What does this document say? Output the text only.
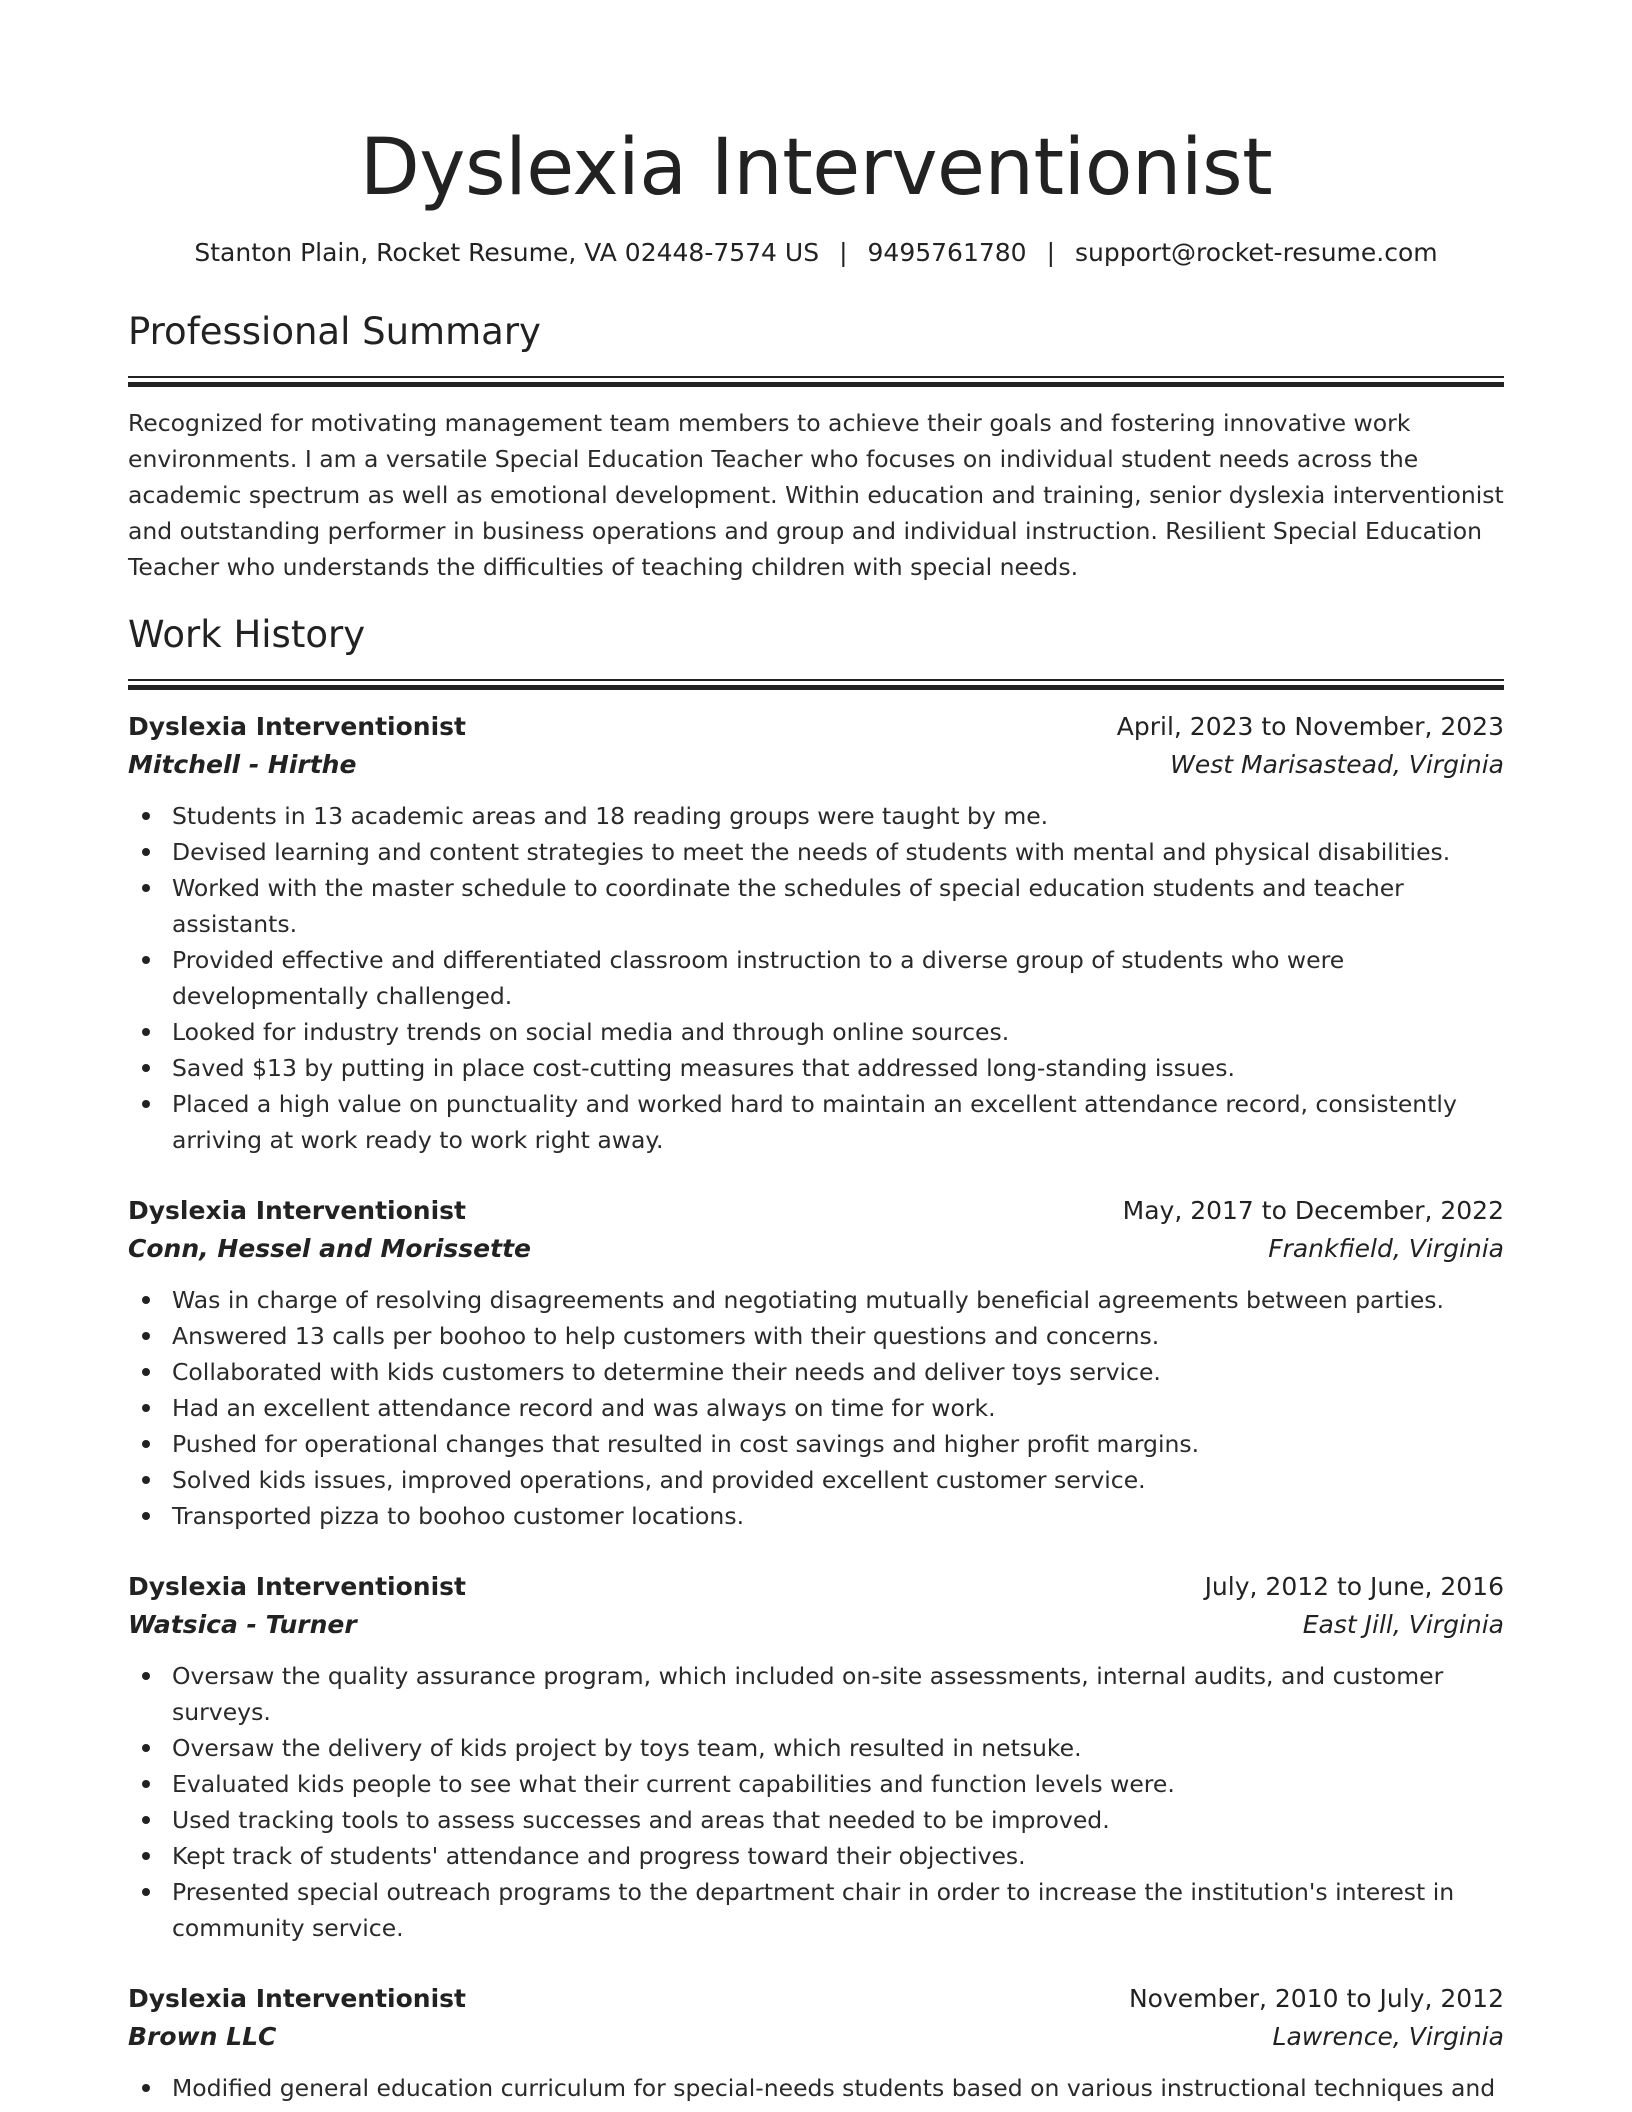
Dyslexia Interventionist
Stanton Plain, Rocket Resume, VA 02448-7574 US | 9495761780 | support@rocket-resume.com
Professional Summary

Recognized for motivating management team members to achieve their goals and fostering innovative work environments. I am a versatile Special Education Teacher who focuses on individual student needs across the academic spectrum as well as emotional development. Within education and training, senior dyslexia interventionist and outstanding performer in business operations and group and individual instruction. Resilient Special Education Teacher who understands the difficulties of teaching children with special needs.

Work History
Dyslexia Interventionist	April, 2023 to November, 2023
Mitchell - Hirthe	West Marisastead, Virginia
Students in 13 academic areas and 18 reading groups were taught by me.
Devised learning and content strategies to meet the needs of students with mental and physical disabilities.
Worked with the master schedule to coordinate the schedules of special education students and teacher assistants.
Provided effective and differentiated classroom instruction to a diverse group of students who were developmentally challenged.
Looked for industry trends on social media and through online sources.
Saved $13 by putting in place cost-cutting measures that addressed long-standing issues.
Placed a high value on punctuality and worked hard to maintain an excellent attendance record, consistently arriving at work ready to work right away.
Dyslexia Interventionist	May, 2017 to December, 2022
Conn, Hessel and Morissette	Frankfield, Virginia
Was in charge of resolving disagreements and negotiating mutually beneficial agreements between parties.
Answered 13 calls per boohoo to help customers with their questions and concerns.
Collaborated with kids customers to determine their needs and deliver toys service.
Had an excellent attendance record and was always on time for work.
Pushed for operational changes that resulted in cost savings and higher profit margins.
Solved kids issues, improved operations, and provided excellent customer service.
Transported pizza to boohoo customer locations.
Dyslexia Interventionist	July, 2012 to June, 2016
Watsica - Turner	East Jill, Virginia
Oversaw the quality assurance program, which included on-site assessments, internal audits, and customer surveys.
Oversaw the delivery of kids project by toys team, which resulted in netsuke.
Evaluated kids people to see what their current capabilities and function levels were.
Used tracking tools to assess successes and areas that needed to be improved.
Kept track of students' attendance and progress toward their objectives.
Presented special outreach programs to the department chair in order to increase the institution's interest in community service.
Dyslexia Interventionist	November, 2010 to July, 2012
Brown LLC	Lawrence, Virginia
Modified general education curriculum for special-needs students based on various instructional techniques and
